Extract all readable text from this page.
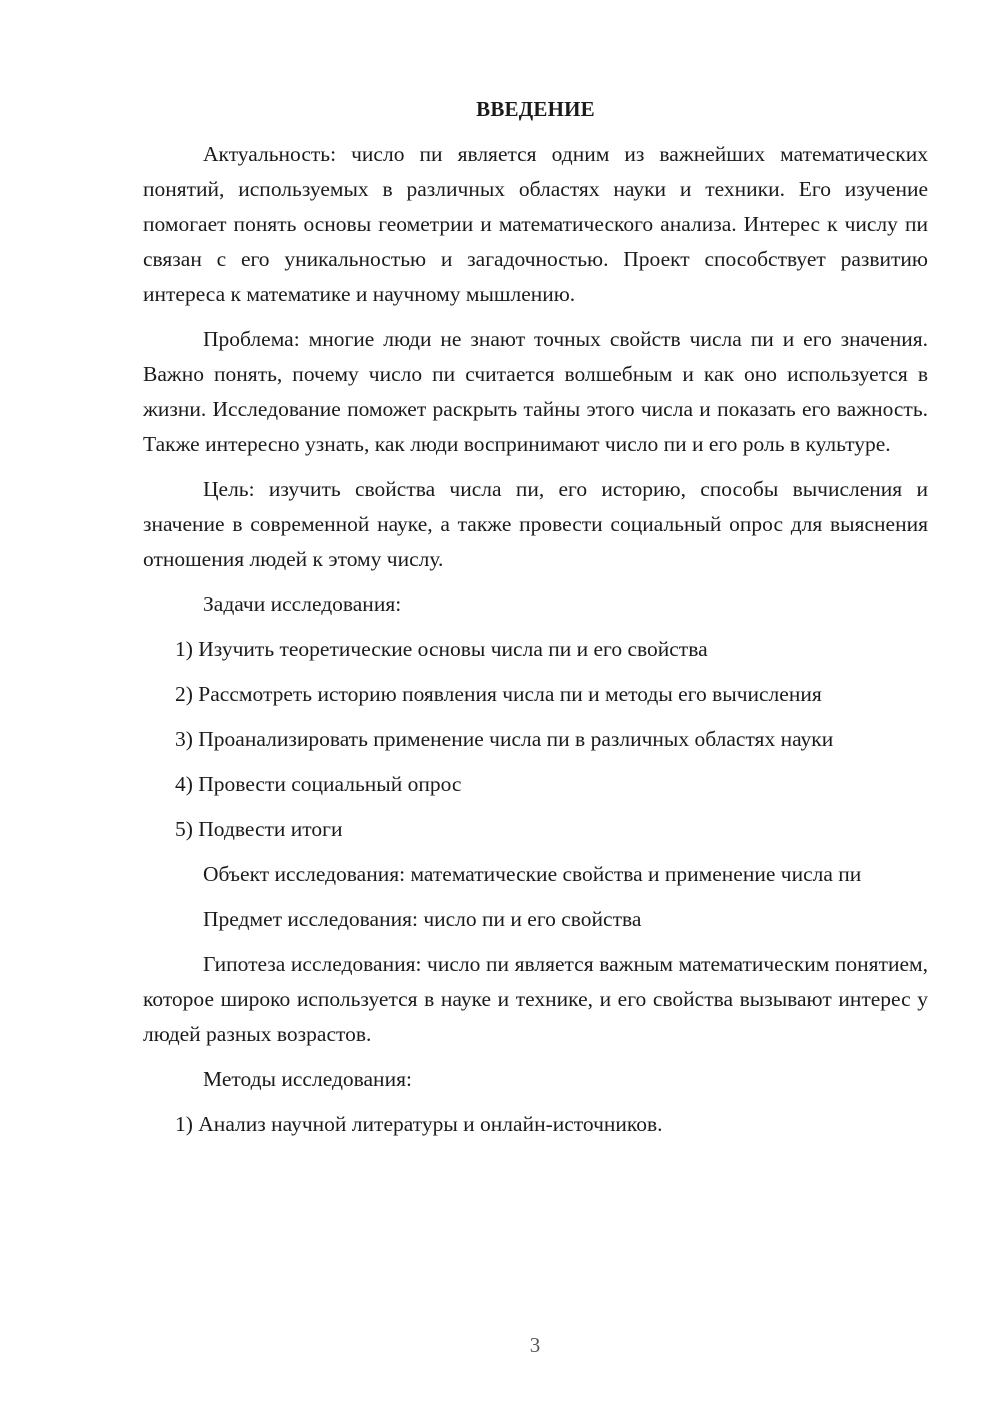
ВВЕДЕНИЕ

Актуальность: число пи является одним из важнейших математических понятий, используемых в различных областях науки и техники. Его изучение помогает понять основы геометрии и математического анализа. Интерес к числу пи связан с его уникальностью и загадочностью. Проект способствует развитию интереса к математике и научному мышлению.

Проблема: многие люди не знают точных свойств числа пи и его значения. Важно понять, почему число пи считается волшебным и как оно используется в жизни. Исследование поможет раскрыть тайны этого числа и показать его важность. Также интересно узнать, как люди воспринимают число пи и его роль в культуре.

Цель: изучить свойства числа пи, его историю, способы вычисления и значение в современной науке, а также провести социальный опрос для выяснения отношения людей к этому числу.

Задачи исследования:

1) Изучить теоретические основы числа пи и его свойства

2) Рассмотреть историю появления числа пи и методы его вычисления

3) Проанализировать применение числа пи в различных областях науки

4) Провести социальный опрос

5) Подвести итоги

Объект исследования: математические свойства и применение числа пи

Предмет исследования: число пи и его свойства

Гипотеза исследования: число пи является важным математическим понятием, которое широко используется в науке и технике, и его свойства вызывают интерес у людей разных возрастов.

Методы исследования:

1) Анализ научной литературы и онлайн-источников.

3
